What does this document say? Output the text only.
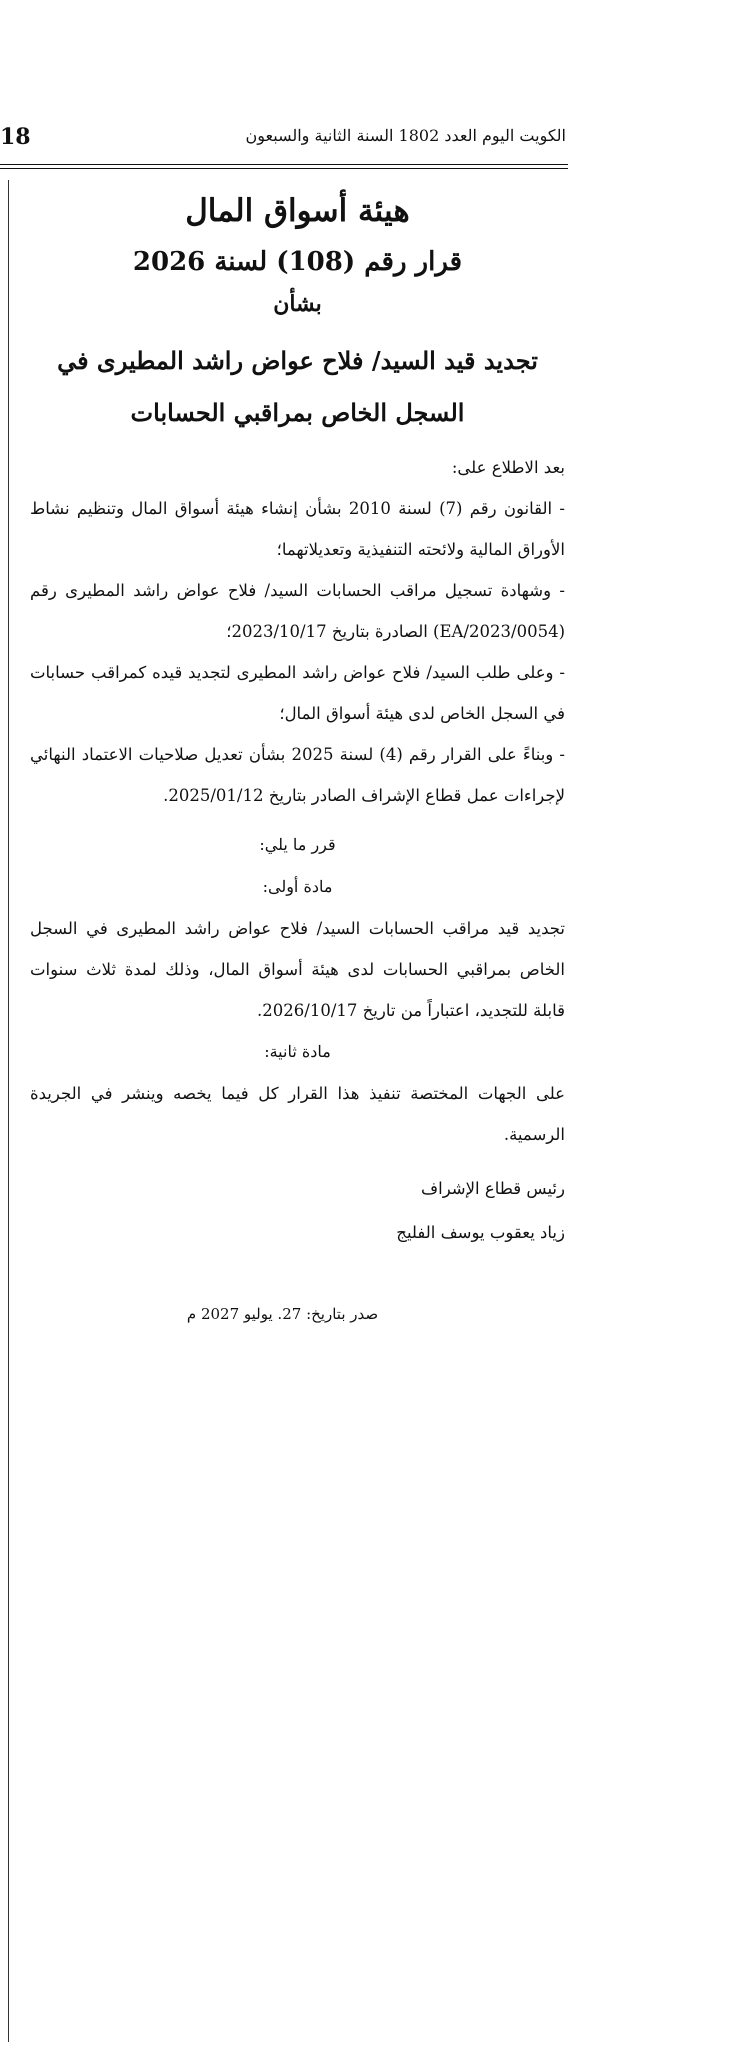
18	الكويت اليوم العدد 1802 السنة الثانية والسبعون
هيئة أسواق المال
قرار رقم (108) لسنة 2026
بشأن
تجديد قيد السيد/ فلاح عواض راشد المطيرى في
السجل الخاص بمراقبي الحسابات

بعد الاطلاع على:

- القانون رقم (7) لسنة 2010 بشأن إنشاء هيئة أسواق المال وتنظيم نشاط الأوراق المالية ولائحته التنفيذية وتعديلاتهما؛

- وشهادة تسجيل مراقب الحسابات السيد/ فلاح عواض راشد المطيرى رقم (EA/2023/0054) الصادرة بتاريخ 2023/10/17؛

- وعلى طلب السيد/ فلاح عواض راشد المطيرى لتجديد قيده كمراقب حسابات في السجل الخاص لدى هيئة أسواق المال؛

- وبناءً على القرار رقم (4) لسنة 2025 بشأن تعديل صلاحيات الاعتماد النهائي لإجراءات عمل قطاع الإشراف الصادر بتاريخ 2025/01/12.

قرر ما يلي:

مادة أولى:

تجديد قيد مراقب الحسابات السيد/ فلاح عواض راشد المطيرى في السجل الخاص بمراقبي الحسابات لدى هيئة أسواق المال، وذلك لمدة ثلاث سنوات قابلة للتجديد، اعتباراً من تاريخ 2026/10/17.

مادة ثانية:

على الجهات المختصة تنفيذ هذا القرار كل فيما يخصه وينشر في الجريدة الرسمية.

رئيس قطاع الإشراف

زياد يعقوب يوسف الفليج

صدر بتاريخ: 27. يوليو 2027 م
